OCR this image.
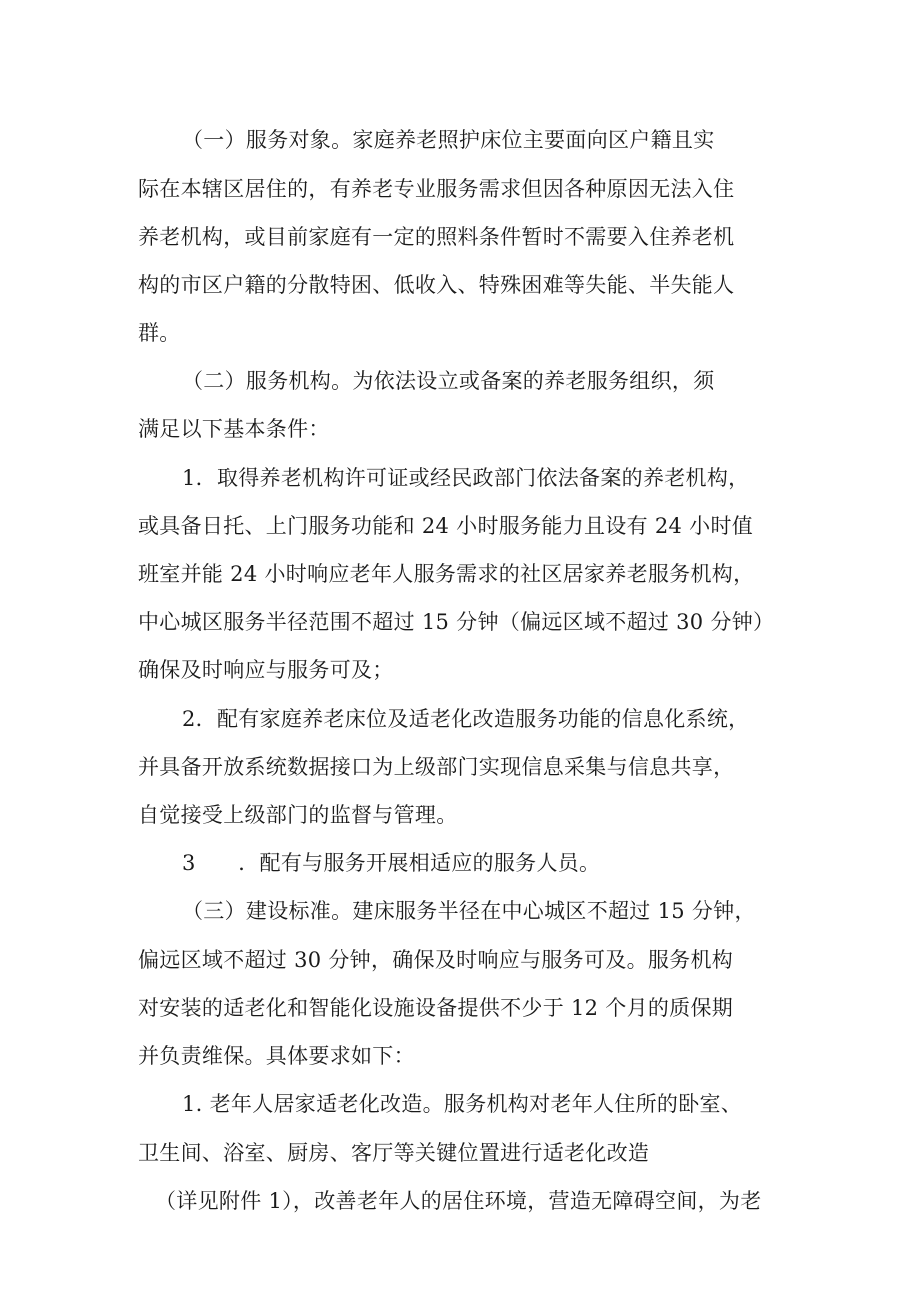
（一）服务对象。家庭养老照护床位主要面向区户籍且实
际在本辖区居住的，有养老专业服务需求但因各种原因无法入住
养老机构，或目前家庭有一定的照料条件暂时不需要入住养老机
构的市区户籍的分散特困、低收入、特殊困难等失能、半失能人
群。
（二）服务机构。为依法设立或备案的养老服务组织，须
满足以下基本条件：
1．取得养老机构许可证或经民政部门依法备案的养老机构，
或具备日托、上门服务功能和 24 小时服务能力且设有 24 小时值
班室并能 24 小时响应老年人服务需求的社区居家养老服务机构，
中心城区服务半径范围不超过 15 分钟（偏远区域不超过 30 分钟）
确保及时响应与服务可及；
2．配有家庭养老床位及适老化改造服务功能的信息化系统，
并具备开放系统数据接口为上级部门实现信息采集与信息共享，
自觉接受上级部门的监督与管理。
3　　．配有与服务开展相适应的服务人员。
（三）建设标准。建床服务半径在中心城区不超过 15 分钟，
偏远区域不超过 30 分钟，确保及时响应与服务可及。服务机构
对安装的适老化和智能化设施设备提供不少于 12 个月的质保期
并负责维保。具体要求如下：
1. 老年人居家适老化改造。服务机构对老年人住所的卧室、
卫生间、浴室、厨房、客厅等关键位置进行适老化改造
（详见附件 1），改善老年人的居住环境，营造无障碍空间，为老
